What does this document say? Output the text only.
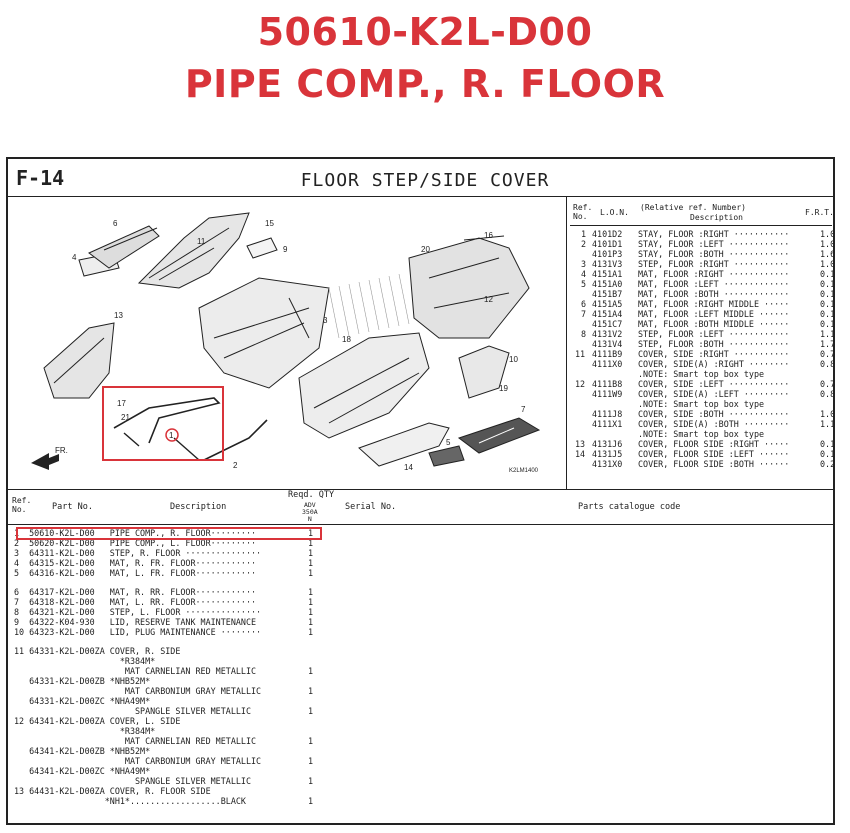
50610-K2L-D00
PIPE COMP., R. FLOOR
F-14	FLOOR STEP/SIDE COVER
FR.
1
2
3
4
5
6
7
9
10
11
12
13
14
15
16
17
18
19
20
21
K2LM1400
Ref.
No.	L.O.N.
(Relative ref. Number)
Description
F.R.T.
1 4101D2 STAY, FLOOR :RIGHT ···········	1.0
2 4101D1 STAY, FLOOR :LEFT ············	1.0
4101P3 STAY, FLOOR :BOTH ············	1.6
3 4131V3 STEP, FLOOR :RIGHT ···········	1.0
4 4151A1 MAT, FLOOR :RIGHT ············	0.1
5 4151A0 MAT, FLOOR :LEFT ·············	0.1
4151B7 MAT, FLOOR :BOTH ·············	0.1
6 4151A5 MAT, FLOOR :RIGHT MIDDLE ·····	0.1
7 4151A4 MAT, FLOOR :LEFT MIDDLE ······	0.1
4151C7 MAT, FLOOR :BOTH MIDDLE ······	0.1
8 4131V2 STEP, FLOOR :LEFT ············	1.1
4131V4 STEP, FLOOR :BOTH ············	1.7
11 4111B9 COVER, SIDE :RIGHT ···········	0.7
4111X0 COVER, SIDE(A) :RIGHT ········	0.8
.NOTE: Smart top box type
12 4111B8 COVER, SIDE :LEFT ············	0.7
4111W9 COVER, SIDE(A) :LEFT ·········	0.8
.NOTE: Smart top box type
4111J8 COVER, SIDE :BOTH ············	1.0
4111X1 COVER, SIDE(A) :BOTH ·········	1.1
.NOTE: Smart top box type
13 4131J6 COVER, FLOOR SIDE :RIGHT ·····	0.1
14 4131J5 COVER, FLOOR SIDE :LEFT ······	0.1
4131X0 COVER, FLOOR SIDE :BOTH ······	0.2
Ref.
No.	Part No.	Description
Reqd. QTY
ADV
350A
N
Serial No.	Parts catalogue code
1  50610-K2L-D00   PIPE COMP., R. FLOOR·········	1
2  50620-K2L-D00   PIPE COMP., L. FLOOR·········	1
3  64311-K2L-D00   STEP, R. FLOOR ···············	1
4  64315-K2L-D00   MAT, R. FR. FLOOR············	1
5  64316-K2L-D00   MAT, L. FR. FLOOR············	1
6  64317-K2L-D00   MAT, R. RR. FLOOR············	1
7  64318-K2L-D00   MAT, L. RR. FLOOR············	1
8  64321-K2L-D00   STEP, L. FLOOR ···············	1
9  64322-K04-930   LID, RESERVE TANK MAINTENANCE	1
10 64323-K2L-D00   LID, PLUG MAINTENANCE ········	1
11 64331-K2L-D00ZA COVER, R. SIDE
*R384M*
MAT CARNELIAN RED METALLIC	1
64331-K2L-D00ZB *NHB52M*
MAT CARBONIUM GRAY METALLIC	1
64331-K2L-D00ZC *NHA49M*
SPANGLE SILVER METALLIC	1
12 64341-K2L-D00ZA COVER, L. SIDE
*R384M*
MAT CARNELIAN RED METALLIC	1
64341-K2L-D00ZB *NHB52M*
MAT CARBONIUM GRAY METALLIC	1
64341-K2L-D00ZC *NHA49M*
SPANGLE SILVER METALLIC	1
13 64431-K2L-D00ZA COVER, R. FLOOR SIDE
*NH1*..................BLACK	1
